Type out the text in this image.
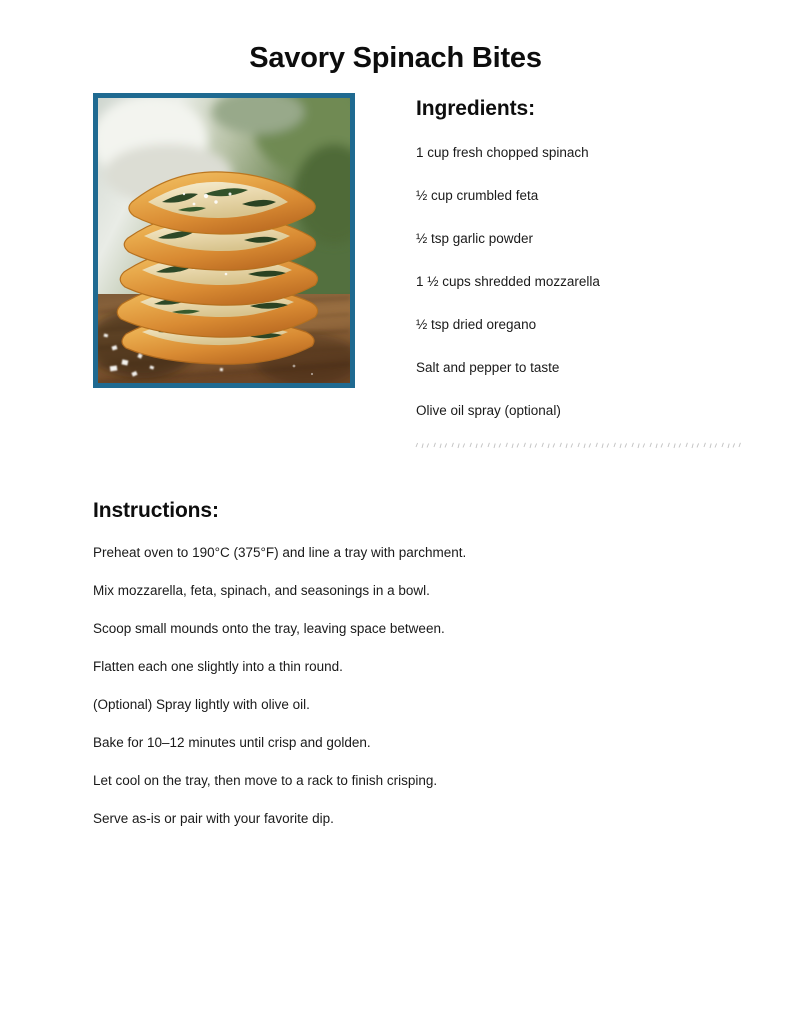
Savory Spinach Bites
Ingredients:

1 cup fresh chopped spinach

½ cup crumbled feta

½ tsp garlic powder

1 ½ cups shredded mozzarella

½ tsp dried oregano

Salt and pepper to taste

Olive oil spray (optional)

Instructions:

Preheat oven to 190°C (375°F) and line a tray with parchment.

Mix mozzarella, feta, spinach, and seasonings in a bowl.

Scoop small mounds onto the tray, leaving space between.

Flatten each one slightly into a thin round.

(Optional) Spray lightly with olive oil.

Bake for 10–12 minutes until crisp and golden.

Let cool on the tray, then move to a rack to finish crisping.

Serve as-is or pair with your favorite dip.
